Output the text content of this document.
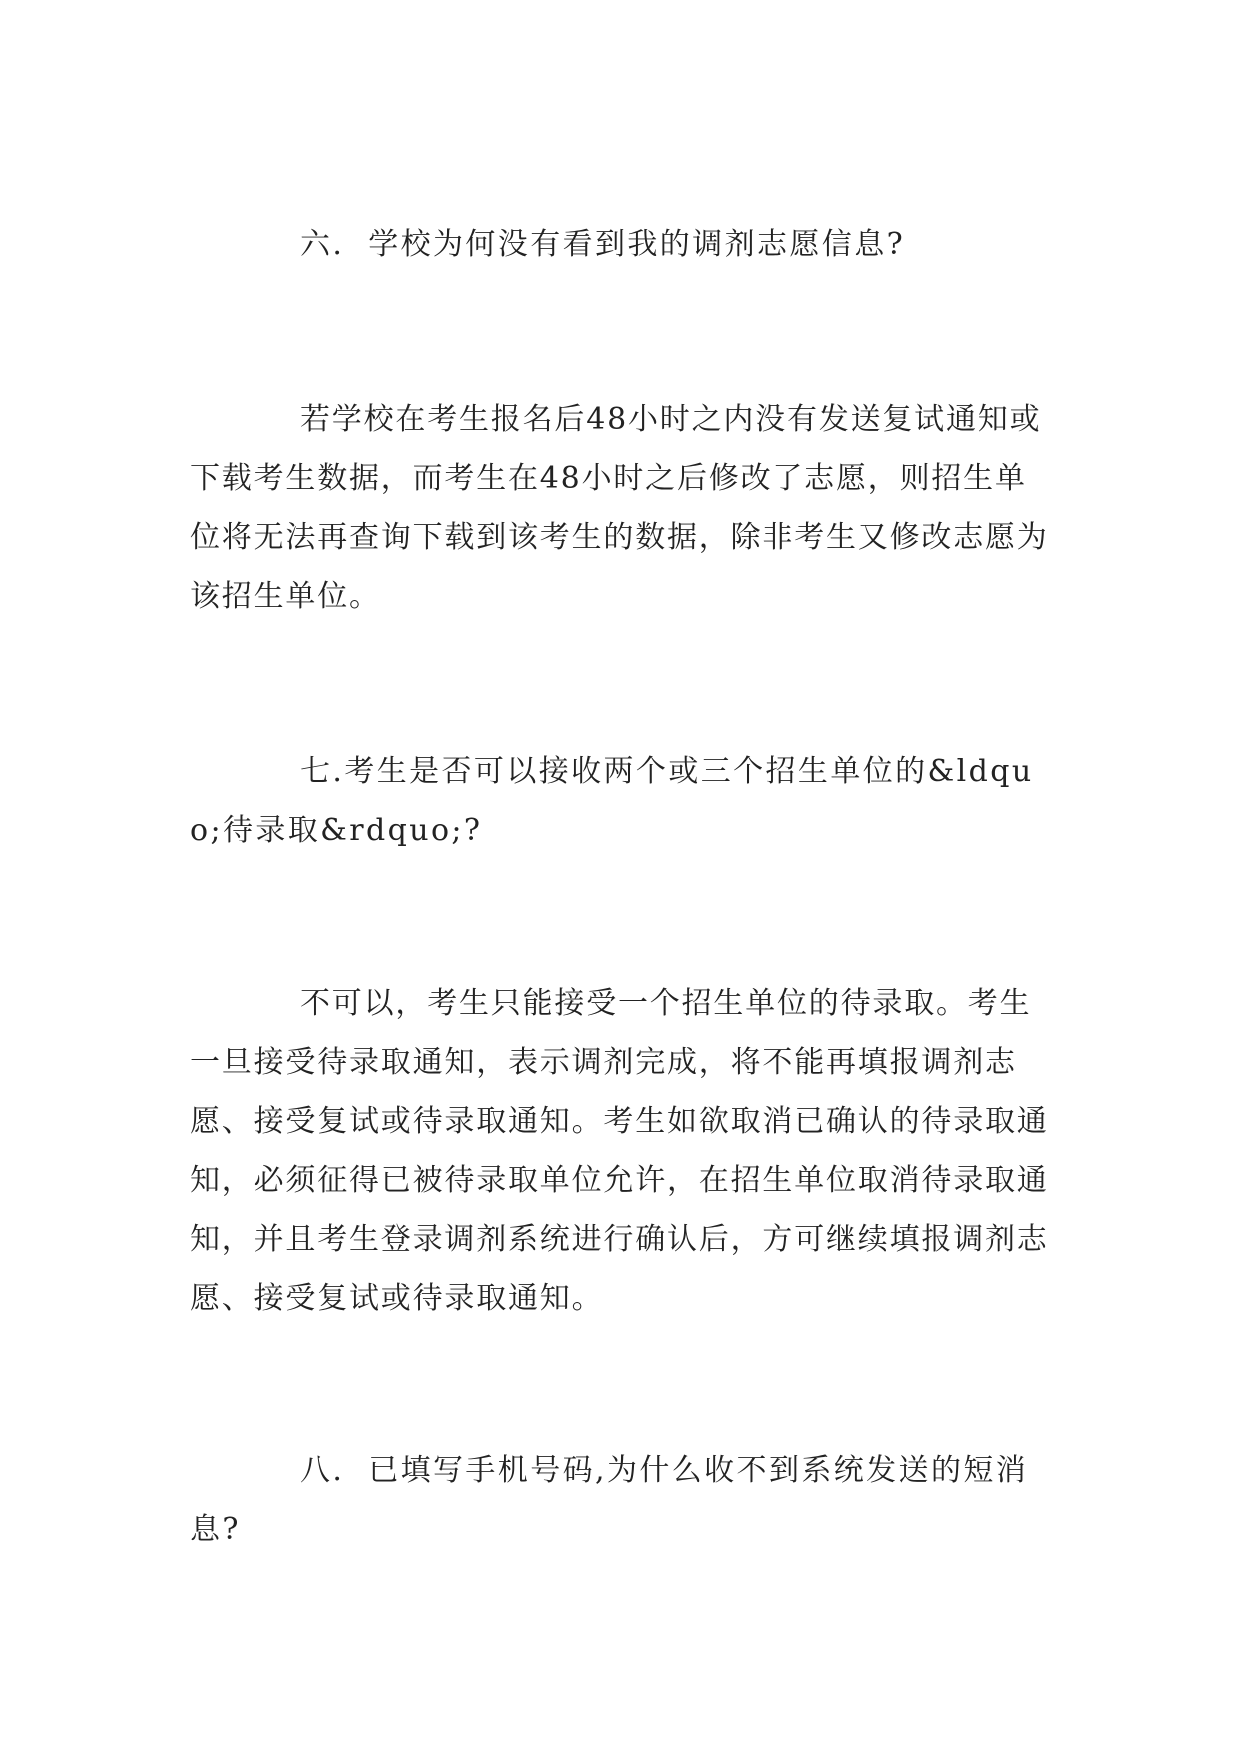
六.  学校为何没有看到我的调剂志愿信息?

若学校在考生报名后48小时之内没有发送复试通知或下载考生数据，而考生在48小时之后修改了志愿，则招生单位将无法再查询下载到该考生的数据，除非考生又修改志愿为该招生单位。

七.考生是否可以接收两个或三个招生单位的&ldquo;待录取&rdquo;?

不可以，考生只能接受一个招生单位的待录取。考生一旦接受待录取通知，表示调剂完成，将不能再填报调剂志愿、接受复试或待录取通知。考生如欲取消已确认的待录取通知，必须征得已被待录取单位允许，在招生单位取消待录取通知，并且考生登录调剂系统进行确认后，方可继续填报调剂志愿、接受复试或待录取通知。

八.  已填写手机号码,为什么收不到系统发送的短消息?
